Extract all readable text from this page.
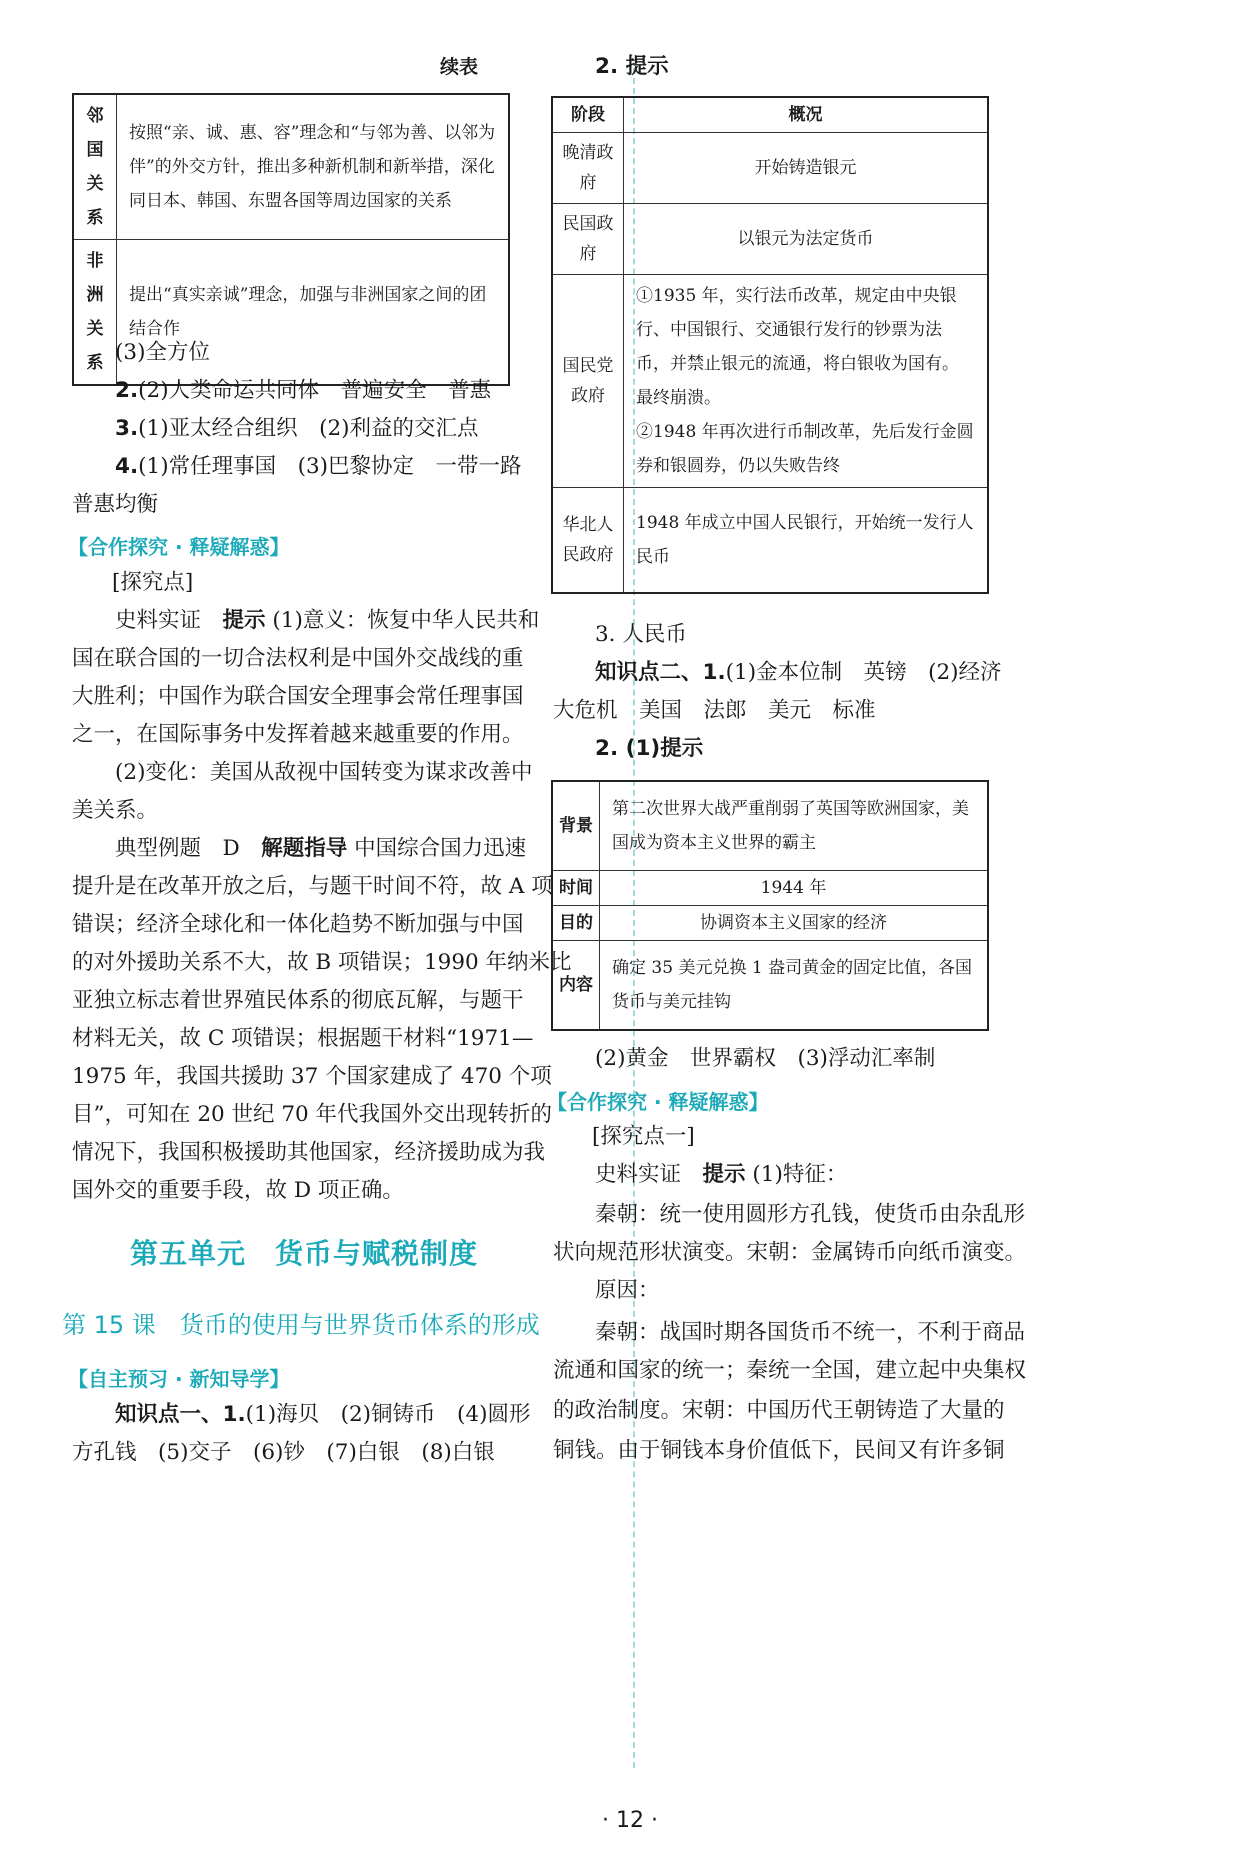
续表
邻国关系	按照“亲、诚、惠、容”理念和“与邻为善、以邻为伴”的外交方针，推出多种新机制和新举措，深化同日本、韩国、东盟各国等周边国家的关系
非洲关系	提出“真实亲诚”理念，加强与非洲国家之间的团结合作
(3)全方位
2.(2)人类命运共同体　普遍安全　普惠
3.(1)亚太经合组织　(2)利益的交汇点
4.(1)常任理事国　(3)巴黎协定　一带一路
普惠均衡
【合作探究 · 释疑解惑】
[探究点]
史料实证　 提示 (1)意义：恢复中华人民共和
国在联合国的一切合法权利是中国外交战线的重
大胜利；中国作为联合国安全理事会常任理事国
之一，在国际事务中发挥着越来越重要的作用。
(2)变化：美国从敌视中国转变为谋求改善中
美关系。
典型例题　D　 解题指导 中国综合国力迅速
提升是在改革开放之后，与题干时间不符，故 A 项
错误；经济全球化和一体化趋势不断加强与中国
的对外援助关系不大，故 B 项错误；1990 年纳米比
亚独立标志着世界殖民体系的彻底瓦解，与题干
材料无关，故 C 项错误；根据题干材料“1971—
1975 年，我国共援助 37 个国家建成了 470 个项
目”，可知在 20 世纪 70 年代我国外交出现转折的
情况下，我国积极援助其他国家，经济援助成为我
国外交的重要手段，故 D 项正确。
第五单元　货币与赋税制度
第 15 课　货币的使用与世界货币体系的形成
【自主预习 · 新知导学】
知识点一、1.(1)海贝　(2)铜铸币　(4)圆形
方孔钱　(5)交子　(6)钞　(7)白银　(8)白银
2. 提示
阶段	概况
晚清政府	开始铸造银元
民国政府	以银元为法定货币
国民党政府	①1935 年，实行法币改革，规定由中央银行、中国银行、交通银行发行的钞票为法币，并禁止银元的流通，将白银收为国有。最终崩溃。
②1948 年再次进行币制改革，先后发行金圆券和银圆券，仍以失败告终

华北人民政府	1948 年成立中国人民银行，开始统一发行人民币
3. 人民币
知识点二、1.(1)金本位制　英镑　(2)经济
大危机　美国　法郎　美元　标准
2. (1)提示
背景	第二次世界大战严重削弱了英国等欧洲国家，美国成为资本主义世界的霸主
时间	1944 年
目的	协调资本主义国家的经济
内容	确定 35 美元兑换 1 盎司黄金的固定比值，各国货币与美元挂钩
(2)黄金　世界霸权　(3)浮动汇率制
【合作探究 · 释疑解惑】
[探究点一]
史料实证　 提示 (1)特征：
秦朝：统一使用圆形方孔钱，使货币由杂乱形
状向规范形状演变。宋朝：金属铸币向纸币演变。
原因：
秦朝：战国时期各国货币不统一，不利于商品
流通和国家的统一；秦统一全国，建立起中央集权
的政治制度。宋朝：中国历代王朝铸造了大量的
铜钱。由于铜钱本身价值低下，民间又有许多铜
· 12 ·
